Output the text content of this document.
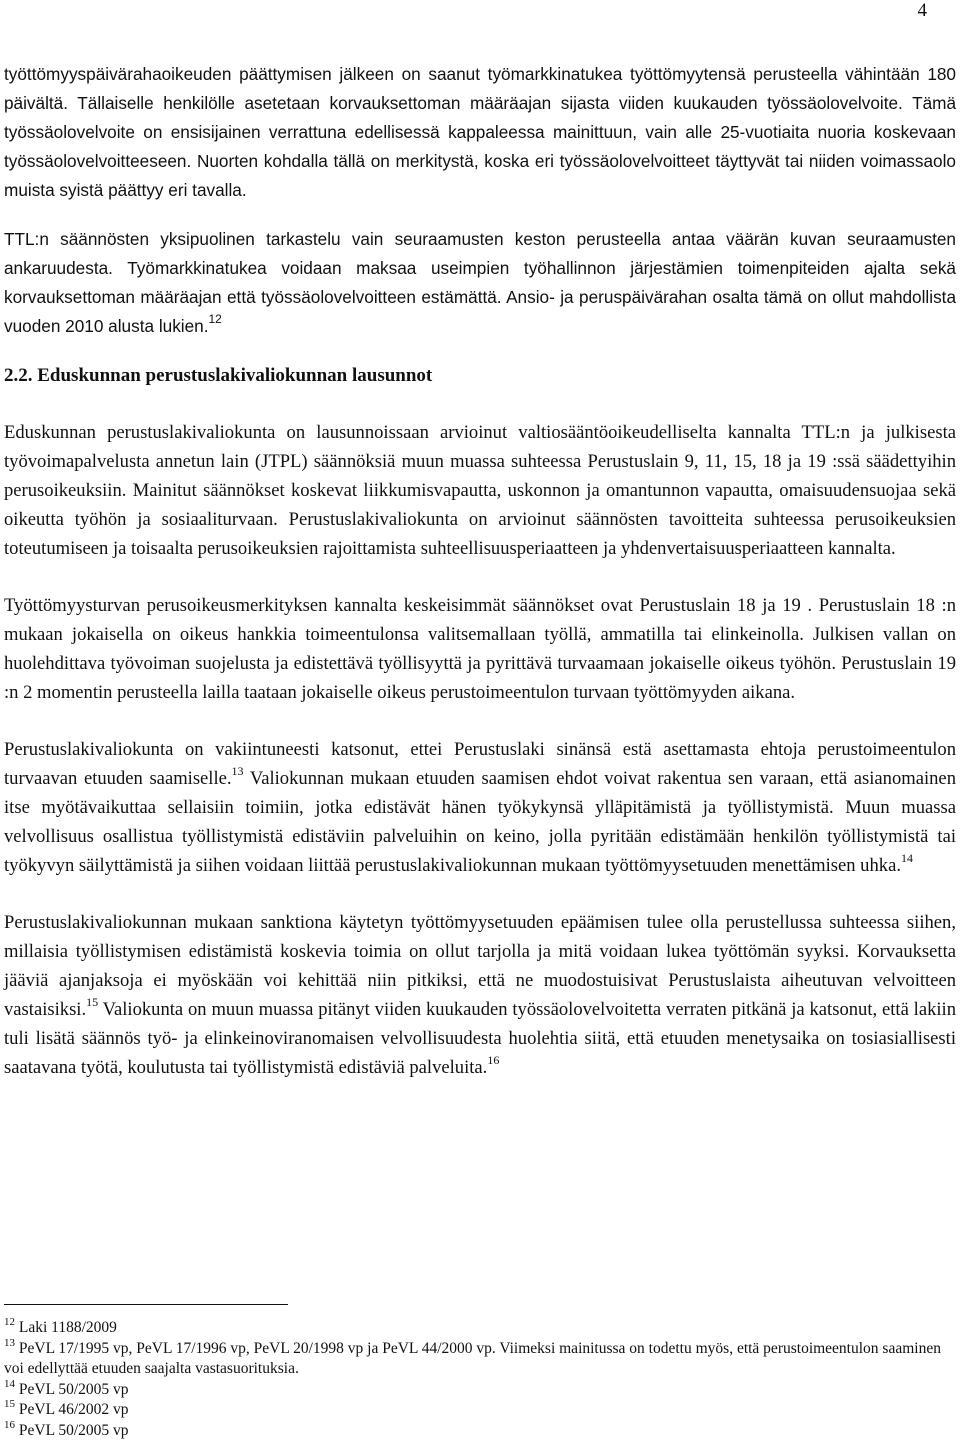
4

työttömyyspäivärahaoikeuden päättymisen jälkeen on saanut työmarkkinatukea työttömyytensä perusteella vähintään 180 päivältä. Tällaiselle henkilölle asetetaan korvauksettoman määräajan sijasta viiden kuukauden työssäolovelvoite. Tämä työssäolovelvoite on ensisijainen verrattuna edellisessä kappaleessa mainittuun, vain alle 25-vuotiaita nuoria koskevaan työssäolovelvoitteeseen. Nuorten kohdalla tällä on merkitystä, koska eri työssäolovelvoitteet täyttyvät tai niiden voimassaolo muista syistä päättyy eri tavalla.

TTL:n säännösten yksipuolinen tarkastelu vain seuraamusten keston perusteella antaa väärän kuvan seuraamusten ankaruudesta. Työmarkkinatukea voidaan maksaa useimpien työhallinnon järjestämien toimenpiteiden ajalta sekä korvauksettoman määräajan että työssäolovelvoitteen estämättä. Ansio- ja peruspäivärahan osalta tämä on ollut mahdollista vuoden 2010 alusta lukien.$^{12}$

2.2. Eduskunnan perustuslakivaliokunnan lausunnot

Eduskunnan perustuslakivaliokunta on lausunnoissaan arvioinut valtiosääntöoikeudelliselta kannalta TTL:n ja julkisesta työvoimapalvelusta annetun lain (JTPL) säännöksiä muun muassa suhteessa Perustuslain 9, 11, 15, 18 ja 19 :ssä säädettyihin perusoikeuksiin. Mainitut säännökset koskevat liikkumisvapautta, uskonnon ja omantunnon vapautta, omaisuudensuojaa sekä oikeutta työhön ja sosiaaliturvaan. Perustuslakivaliokunta on arvioinut säännösten tavoitteita suhteessa perusoikeuksien toteutumiseen ja toisaalta perusoikeuksien rajoittamista suhteellisuusperiaatteen ja yhdenvertaisuusperiaatteen kannalta.

Työttömyysturvan perusoikeusmerkityksen kannalta keskeisimmät säännökset ovat Perustuslain 18 ja 19 . Perustuslain 18 :n mukaan jokaisella on oikeus hankkia toimeentulonsa valitsemallaan työllä, ammatilla tai elinkeinolla. Julkisen vallan on huolehdittava työvoiman suojelusta ja edistettävä työllisyyttä ja pyrittävä turvaamaan jokaiselle oikeus työhön. Perustuslain 19 :n 2 momentin perusteella lailla taataan jokaiselle oikeus perustoimeentulon turvaan työttömyyden aikana.

Perustuslakivaliokunta on vakiintuneesti katsonut, ettei Perustuslaki sinänsä estä asettamasta ehtoja perustoimeentulon turvaavan etuuden saamiselle.$^{13}$ Valiokunnan mukaan etuuden saamisen ehdot voivat rakentua sen varaan, että asianomainen itse myötävaikuttaa sellaisiin toimiin, jotka edistävät hänen työkykynsä ylläpitämistä ja työllistymistä. Muun muassa velvollisuus osallistua työllistymistä edistäviin palveluihin on keino, jolla pyritään edistämään henkilön työllistymistä tai työkyvyn säilyttämistä ja siihen voidaan liittää perustuslakivaliokunnan mukaan työttömyysetuuden menettämisen uhka.$^{14}$

Perustuslakivaliokunnan mukaan sanktiona käytetyn työttömyysetuuden epäämisen tulee olla perustellussa suhteessa siihen, millaisia työllistymisen edistämistä koskevia toimia on ollut tarjolla ja mitä voidaan lukea työttömän syyksi. Korvauksetta jääviä ajanjaksoja ei myöskään voi kehittää niin pitkiksi, että ne muodostuisivat Perustuslaista aiheutuvan velvoitteen vastaisiksi.$^{15}$ Valiokunta on muun muassa pitänyt viiden kuukauden työssäolovelvoitetta verraten pitkänä ja katsonut, että lakiin tuli lisätä säännös työ- ja elinkeinoviranomaisen velvollisuudesta huolehtia siitä, että etuuden menetysaika on tosiasiallisesti saatavana työtä, koulutusta tai työllistymistä edistäviä palveluita.$^{16}$

$^{12}$ Laki 1188/2009

$^{13}$ PeVL 17/1995 vp, PeVL 17/1996 vp, PeVL 20/1998 vp ja PeVL 44/2000 vp. Viimeksi mainitussa on todettu myös, että perustoimeentulon saaminen voi edellyttää etuuden saajalta vastasuorituksia.

$^{14}$ PeVL 50/2005 vp

$^{15}$ PeVL 46/2002 vp

$^{16}$ PeVL 50/2005 vp
